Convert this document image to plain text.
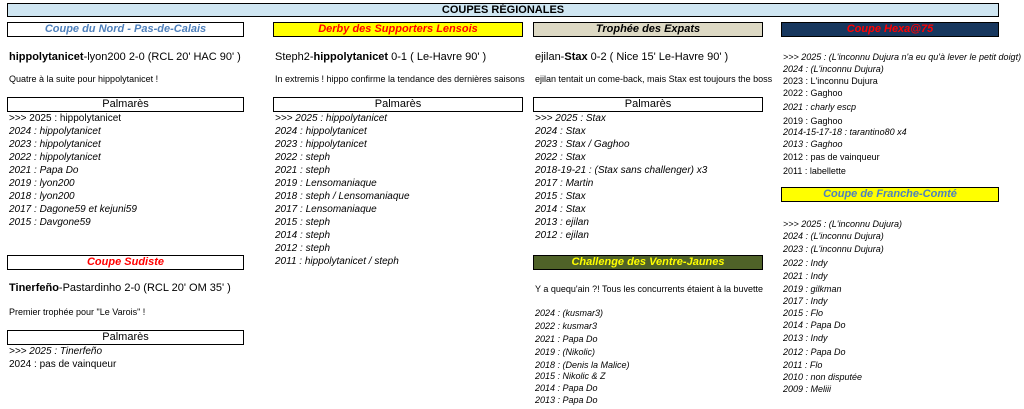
COUPES RÉGIONALES
Coupe du Nord - Pas-de-Calais
hippolytanicet-lyon200 2-0 (RCL 20' HAC 90' )
Quatre à la suite pour hippolytanicet !
Palmarès
>>> 2025 : hippolytanicet
2024 : hippolytanicet
2023 : hippolytanicet
2022 : hippolytanicet
2021 : Papa Do
2019 : lyon200
2018 : lyon200
2017 : Dagone59 et kejuni59
2015 : Davgone59
Coupe Sudiste
Tinerfeño-Pastardinho 2-0 (RCL 20' OM 35' )
Premier trophée pour "Le Varois" !
Palmarès
>>> 2025 : Tinerfeño
2024 : pas de vainqueur
Derby des Supporters Lensois
Steph2-hippolytanicet 0-1 ( Le-Havre 90' )
In extremis ! hippo confirme la tendance des dernières saisons
Palmarès
>>> 2025 : hippolytanicet
2024 : hippolytanicet
2023 : hippolytanicet
2022 : steph
2021 : steph
2019 : Lensomaniaque
2018 : steph / Lensomaniaque
2017 : Lensomaniaque
2015 : steph
2014 : steph
2012 : steph
2011 : hippolytanicet / steph
Trophée des Expats
ejilan-Stax 0-2 ( Nice 15' Le-Havre 90' )
ejilan tentait un come-back, mais Stax est toujours the boss
Palmarès
>>> 2025 : Stax
2024 : Stax
2023 : Stax / Gaghoo
2022 : Stax
2018-19-21 : (Stax sans challenger) x3
2017 : Martin
2015 : Stax
2014 : Stax
2013 : ejilan
2012 : ejilan
Challenge des Ventre-Jaunes
Y a quequ'ain ?! Tous les concurrents étaient à la buvette
2024 : (kusmar3)
2022 : kusmar3
2021 : Papa Do
2019 : (Nikolic)
2018 : (Denis la Malice)
2015 : Nikolic & Z
2014 : Papa Do
2013 : Papa Do
Coupe Hexa@75
>>> 2025 : (L'inconnu Dujura n'a eu qu'à lever le petit doigt)
2024 : (L'inconnu Dujura)
2023 : L'inconnu Dujura
2022 : Gaghoo
2021 : charly escp
2019 : Gaghoo
2014-15-17-18 : tarantino80 x4
2013 : Gaghoo
2012 : pas de vainqueur
2011 : labellette
Coupe de Franche-Comté
>>> 2025 : (L'inconnu Dujura)
2024 : (L'inconnu Dujura)
2023 : (L'inconnu Dujura)
2022 : Indy
2021 : Indy
2019 : gilkman
2017 : Indy
2015 : Flo
2014 : Papa Do
2013 : Indy
2012 : Papa Do
2011 : Flo
2010 : non disputée
2009 : Meliii
